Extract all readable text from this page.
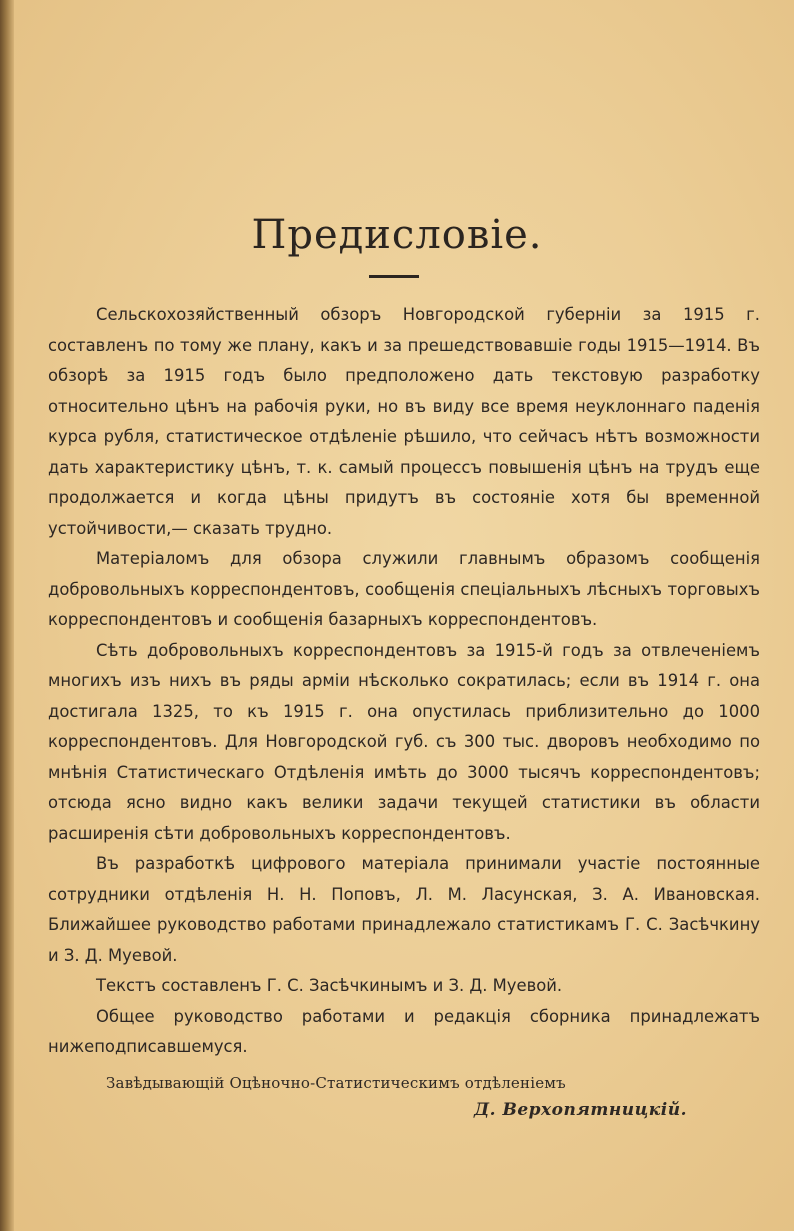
Предисловіе.

Сельскохозяйственный обзоръ Новгородской губерніи за 1915 г. составленъ по тому же плану, какъ и за прешедствовавшіе годы 1915—1914. Въ обзорѣ за 1915 годъ было предположено дать текстовую разработку относительно цѣнъ на рабочія руки, но въ виду все время неуклоннаго паденія курса рубля, статистическое отдѣленіе рѣшило, что сейчасъ нѣтъ возможности дать характеристику цѣнъ, т. к. самый процессъ повышенія цѣнъ на трудъ еще продолжается и когда цѣны придутъ въ состояніе хотя бы временной устойчивости,— сказать трудно.

Матеріаломъ для обзора служили главнымъ образомъ сообщенія добровольныхъ корреспондентовъ, сообщенія спеціальныхъ лѣсныхъ торговыхъ корреспондентовъ и сообщенія базарныхъ корреспондентовъ.

Сѣть добровольныхъ корреспондентовъ за 1915-й годъ за отвлеченіемъ многихъ изъ нихъ въ ряды арміи нѣсколько сократилась; если въ 1914 г. она достигала 1325, то къ 1915 г. она опустилась приблизительно до 1000 корреспондентовъ. Для Новгородской губ. съ 300 тыс. дворовъ необходимо по мнѣнія Статистическаго Отдѣленія имѣть до 3000 тысячъ корреспондентовъ; отсюда ясно видно какъ велики задачи текущей статистики въ области расширенія сѣти добровольныхъ корреспондентовъ.

Въ разработкѣ цифрового матеріала принимали участіе постоянные сотрудники отдѣленія Н. Н. Поповъ, Л. М. Ласунская, З. А. Ивановская. Ближайшее руководство работами принадлежало статистикамъ Г. С. Засѣчкину и З. Д. Муевой.

Текстъ составленъ Г. С. Засѣчкинымъ и З. Д. Муевой.

Общее руководство работами и редакція сборника принадлежатъ нижеподписавшемуся.

Завѣдывающій Оцѣночно-Статистическимъ отдѣленіемъ
Д. Верхопятницкій.
